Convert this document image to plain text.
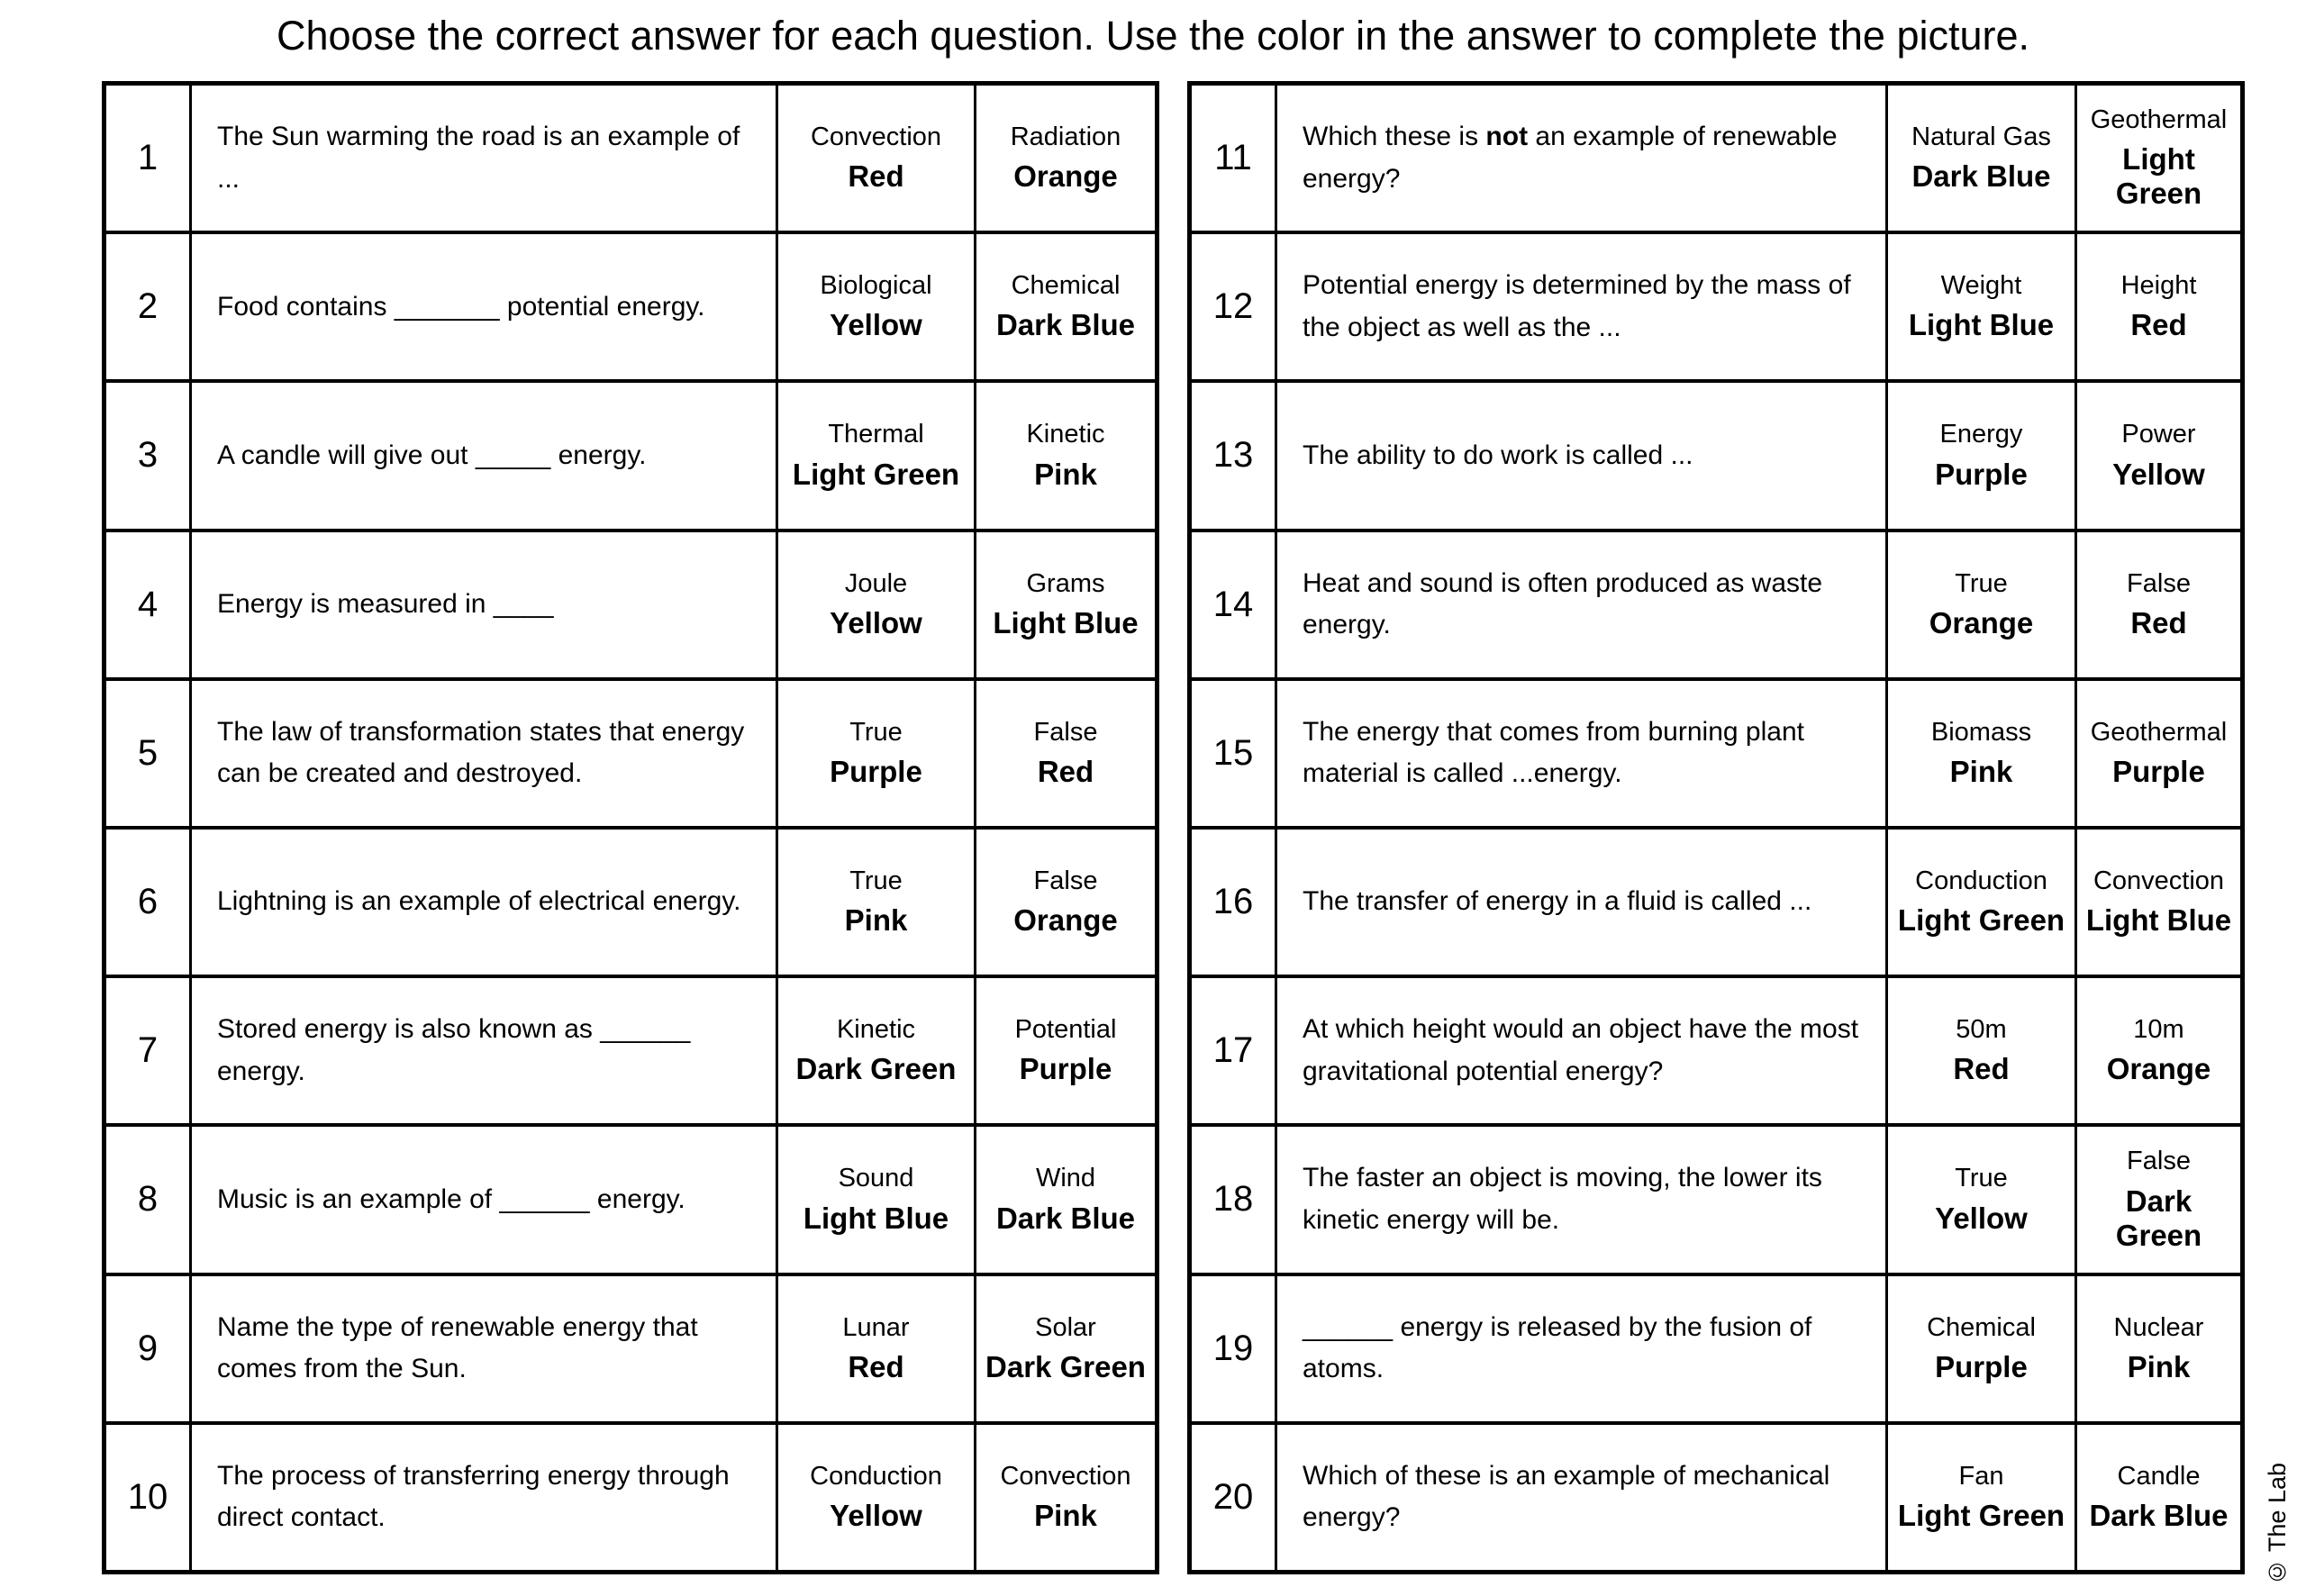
Choose the correct answer for each question. Use the color in the answer to complete the picture.
1
The Sun warming the road is an example of ...
Convection
Red
Radiation
Orange
2 Food contains _______ potential energy.
Biological
Yellow
Chemical
Dark Blue
3 A candle will give out _____ energy.
Thermal
Light Green
Kinetic
Pink
4 Energy is measured in ____
Joule
Yellow
Grams
Light Blue
5
The law of transformation states that energy can be created and destroyed.
True
Purple
False
Red
6 Lightning is an example of electrical energy.
True
Pink
False
Orange
7
Stored energy is also known as ______ energy.
Kinetic
Dark Green
Potential
Purple
8 Music is an example of ______ energy.
Sound
Light Blue
Wind
Dark Blue
9
Name the type of renewable energy that comes from the Sun.
Lunar
Red
Solar
Dark Green
10
The process of transferring energy through direct contact.
Conduction
Yellow
Convection
Pink
11
Which these is not an example of renewable energy?
Natural Gas
Dark Blue
Geothermal
Light Green
12
Potential energy is determined by the mass of the object as well as the ...
Weight
Light Blue
Height
Red
13 The ability to do work is called ...
Energy
Purple
Power
Yellow
14
Heat and sound is often produced as waste energy.
True
Orange
False
Red
15
The energy that comes from burning plant material is called ...energy.
Biomass
Pink
Geothermal
Purple
16 The transfer of energy in a fluid is called ...
Conduction
Light Green
Convection
Light Blue
17
At which height would an object have the most gravitational potential energy?
50m
Red
10m
Orange
18
The faster an object is moving, the lower its kinetic energy will be.
True
Yellow
False
Dark Green
19
______ energy is released by the fusion of atoms.
Chemical
Purple
Nuclear
Pink
20
Which of these is an example of mechanical energy?
Fan
Light Green
Candle
Dark Blue © The Lab
